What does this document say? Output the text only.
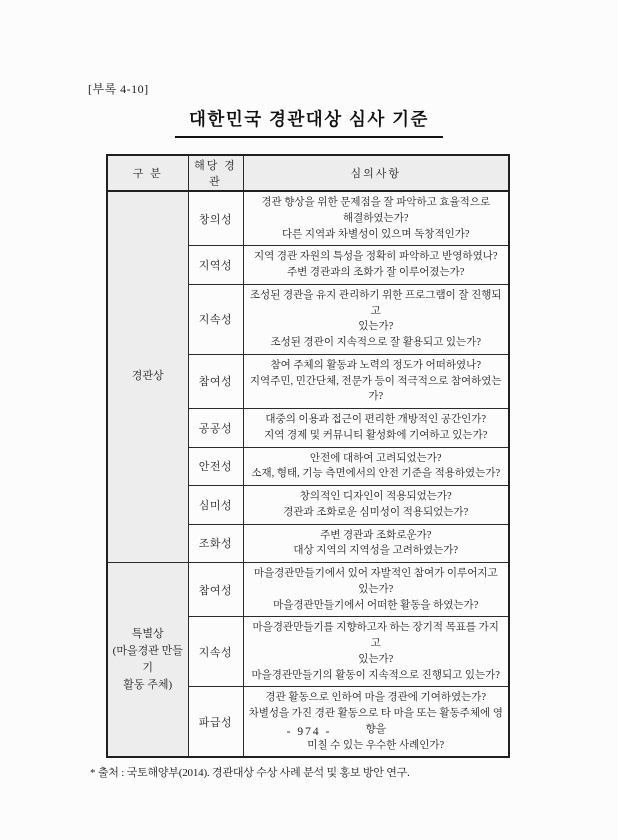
[부록 4-10]
대한민국 경관대상 심사 기준
구 분	해당 경관	심의사항

경관상	창의성	경관 향상을 위한 문제점을 잘 파악하고 효율적으로
해결하였는가?
다른 지역과 차별성이 있으며 독창적인가?

	지역성	지역 경관 자원의 특성을 정확히 파악하고 반영하였나?
주변 경관과의 조화가 잘 이루어졌는가?

	지속성	조성된 경관을 유지 관리하기 위한 프로그램이 잘 진행되고
있는가?
조성된 경관이 지속적으로 잘 활용되고 있는가?

	참여성	참여 주체의 활동과 노력의 정도가 어떠하였나?
지역주민, 민간단체, 전문가 등이 적극적으로 참여하였는가?

	공공성	대중의 이용과 접근이 편리한 개방적인 공간인가?
지역 경제 및 커뮤니티 활성화에 기여하고 있는가?

	안전성	안전에 대하여 고려되었는가?
소재, 형태, 기능 측면에서의 안전 기준을 적용하였는가?

	심미성	창의적인 디자인이 적용되었는가?
경관과 조화로운 심미성이 적용되었는가?

	조화성	주변 경관과 조화로운가?
대상 지역의 지역성을 고려하였는가?

특별상
(마을경관 만들기
활동 주체)	참여성	마을경관만들기에서 있어 자발적인 참여가 이루어지고 있는가?
마을경관만들기에서 어떠한 활동을 하였는가?

	지속성	마을경관만들기를 지향하고자 하는 장기적 목표를 가지고
있는가?
마을경관만들기의 활동이 지속적으로 진행되고 있는가?

	파급성	경관 활동으로 인하여 마을 경관에 기여하였는가?
차별성을 가진 경관 활동으로 타 마을 또는 활동주체에 영향을
미칠 수 있는 우수한 사례인가?
* 출처 : 국토해양부(2014). 경관대상 수상 사례 분석 및 홍보 방안 연구.
- 974 -
